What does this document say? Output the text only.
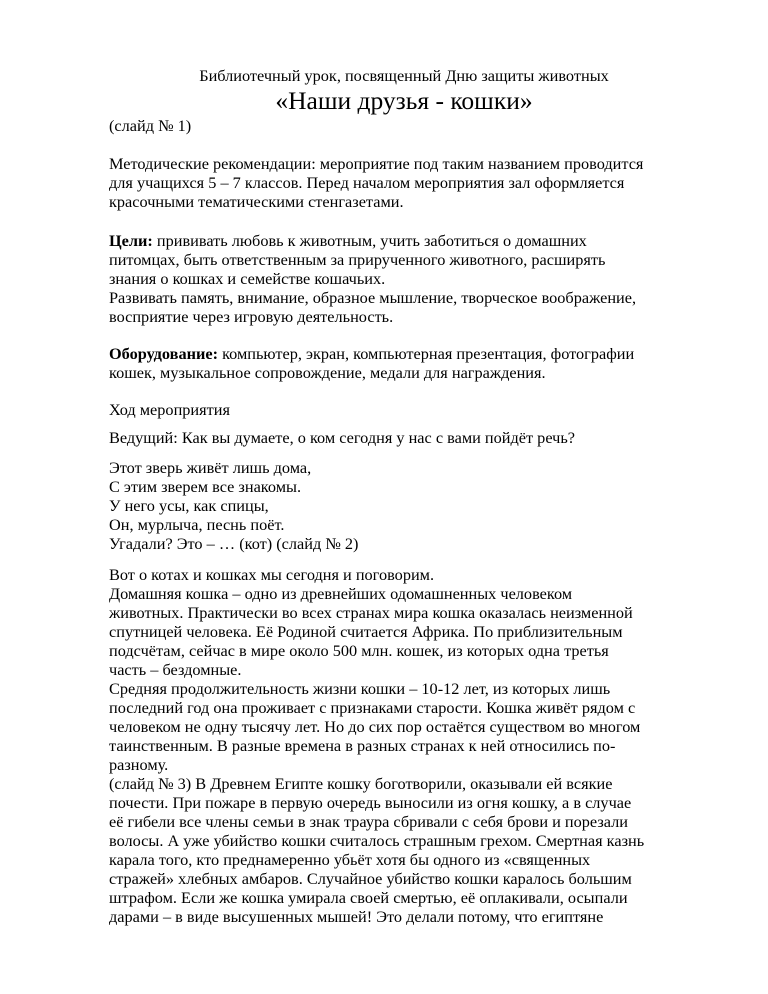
Библиотечный урок, посвященный Дню защиты животных
«Наши друзья - кошки»
(слайд № 1)
Методические рекомендации: мероприятие под таким названием проводится
для учащихся 5 – 7 классов. Перед началом мероприятия зал оформляется
красочными тематическими стенгазетами.
Цели: прививать любовь к животным, учить заботиться о домашних
питомцах, быть ответственным за прирученного животного, расширять
знания о кошках и семействе кошачьих.
Развивать память, внимание, образное мышление, творческое воображение,
восприятие через игровую деятельность.
Оборудование: компьютер, экран, компьютерная презентация, фотографии
кошек, музыкальное сопровождение, медали для награждения.
Ход мероприятия
Ведущий: Как вы думаете, о ком сегодня у нас с вами пойдёт речь?
Этот зверь живёт лишь дома,
С этим зверем все знакомы.
У него усы, как спицы,
Он, мурлыча, песнь поёт.
Угадали? Это – … (кот) (слайд № 2)
Вот о котах и кошках мы сегодня и поговорим.
Домашняя кошка – одно из древнейших одомашненных человеком
животных. Практически во всех странах мира кошка оказалась неизменной
спутницей человека. Её Родиной считается Африка. По приблизительным
подсчётам, сейчас в мире около 500 млн. кошек, из которых одна третья
часть – бездомные.
Средняя продолжительность жизни кошки – 10-12 лет, из которых лишь
последний год она проживает с признаками старости. Кошка живёт рядом с
человеком не одну тысячу лет. Но до сих пор остаётся существом во многом
таинственным. В разные времена в разных странах к ней относились по-
разному.
(слайд № 3) В Древнем Египте кошку боготворили, оказывали ей всякие
почести. При пожаре в первую очередь выносили из огня кошку, а в случае
её гибели все члены семьи в знак траура сбривали с себя брови и порезали
волосы. А уже убийство кошки считалось страшным грехом. Смертная казнь
карала того, кто преднамеренно убьёт хотя бы одного из «священных
стражей» хлебных амбаров. Случайное убийство кошки каралось большим
штрафом. Если же кошка умирала своей смертью, её оплакивали, осыпали
дарами – в виде высушенных мышей! Это делали потому, что египтяне
